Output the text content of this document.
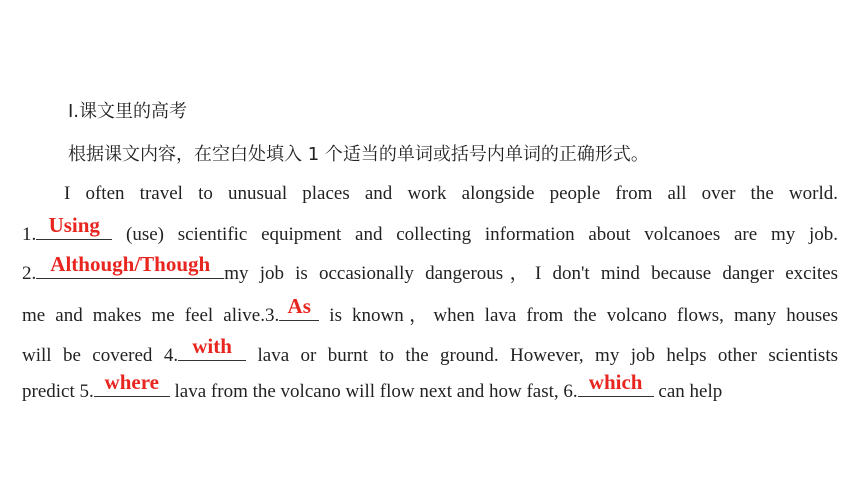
Ⅰ.课文里的高考
根据课文内容，在空白处填入 1 个适当的单词或括号内单词的正确形式。
I often travel to unusual places and work alongside people from all over the world.
1. Using (use) scientific equipment and collecting information about volcanoes are my job.
2. Although/Though my job is occasionally dangerous，I don't mind because danger excites
me and makes me feel alive.3. As is known，when lava from the volcano flows, many houses
will be covered 4. with lava or burnt to the ground. However, my job helps other scientists
predict 5. where lava from the volcano will flow next and how fast, 6. which can help
